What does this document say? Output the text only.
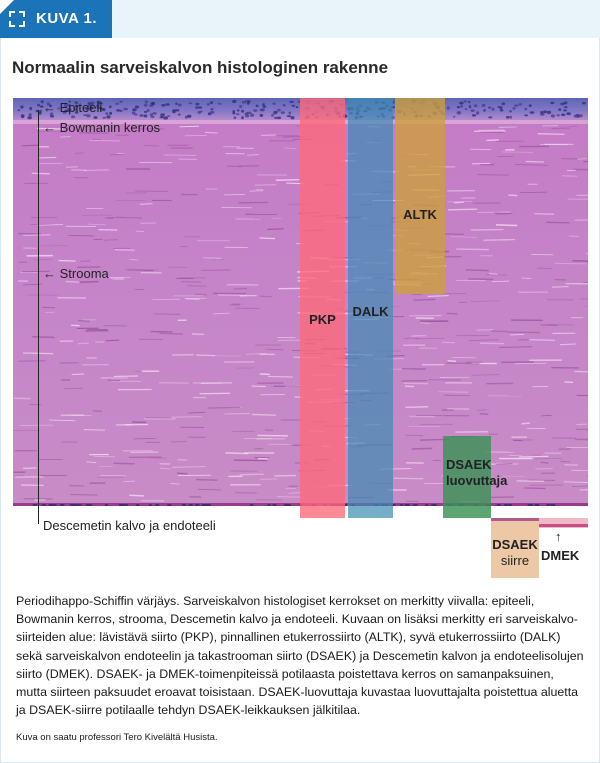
KUVA 1.
Normaalin sarveiskalvon histologinen rakenne
PKP
DALK
ALTK
DSAEK
luovuttaja
DSAEK
siirre
↑
DMEK
← Epiteeli
← Bowmanin kerros
← Strooma
Descemetin kalvo ja endoteeli
Periodihappo-Schiffin värjäys. Sarveiskalvon histologiset kerrokset on merkitty viivalla: epiteeli, Bowmanin kerros, strooma, Descemetin kalvo ja endoteeli. Kuvaan on lisäksi merkitty eri sarveiskalvo-siirteiden alue: lävistävä siirto (PKP), pinnallinen etukerrossiirto (ALTK), syvä etukerrossiirto (DALK) sekä sarveiskalvon endoteelin ja takastrooman siirto (DSAEK) ja Descemetin kalvon ja endoteelisolujen siirto (DMEK). DSAEK- ja DMEK-toimenpiteissä potilaasta poistettava kerros on samanpaksuinen, mutta siirteen paksuudet eroavat toisistaan. DSAEK-luovuttaja kuvastaa luovuttajalta poistettua aluetta ja DSAEK-siirre potilaalle tehdyn DSAEK-leikkauksen jälkitilaa.
Kuva on saatu professori Tero Kivelältä Husista.
